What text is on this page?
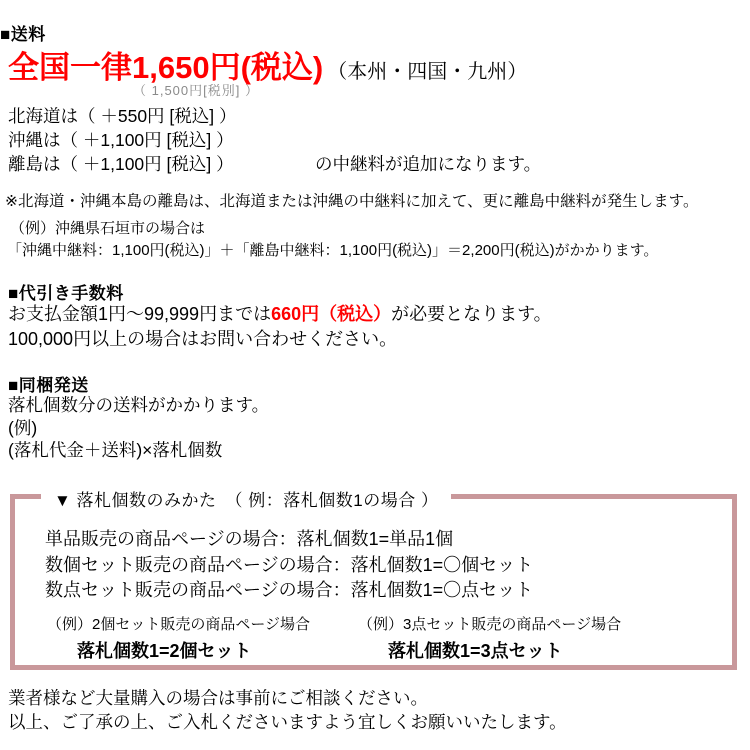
■送料
全国一律1,650円(税込) （本州・四国・九州）
（ 1,500円[税別] ）
北海道は（ ＋550円 [税込] ）
沖縄は（ ＋1,100円 [税込] ）
離島は（ ＋1,100円 [税込] ）	の中継料が追加になります。
※北海道・沖縄本島の離島は、北海道または沖縄の中継料に加えて、更に離島中継料が発生します。
（例）沖縄県石垣市の場合は
「沖縄中継料：1,100円(税込)」＋「離島中継料：1,100円(税込)」＝2,200円(税込)がかかります。
■代引き手数料
お支払金額1円～99,999円までは660円（税込）が必要となります。
100,000円以上の場合はお問い合わせください。
■同梱発送
落札個数分の送料がかかります。
(例)
(落札代金＋送料)×落札個数
▼ 落札個数のみかた　（ 例：落札個数1の場合 ）
単品販売の商品ページの場合：落札個数1=単品1個
数個セット販売の商品ページの場合：落札個数1=〇個セット
数点セット販売の商品ページの場合：落札個数1=〇点セット
（例）2個セット販売の商品ページ場合
落札個数1=2個セット
（例）3点セット販売の商品ページ場合
落札個数1=3点セット
業者様など大量購入の場合は事前にご相談ください。
以上、ご了承の上、ご入札くださいますよう宜しくお願いいたします。
